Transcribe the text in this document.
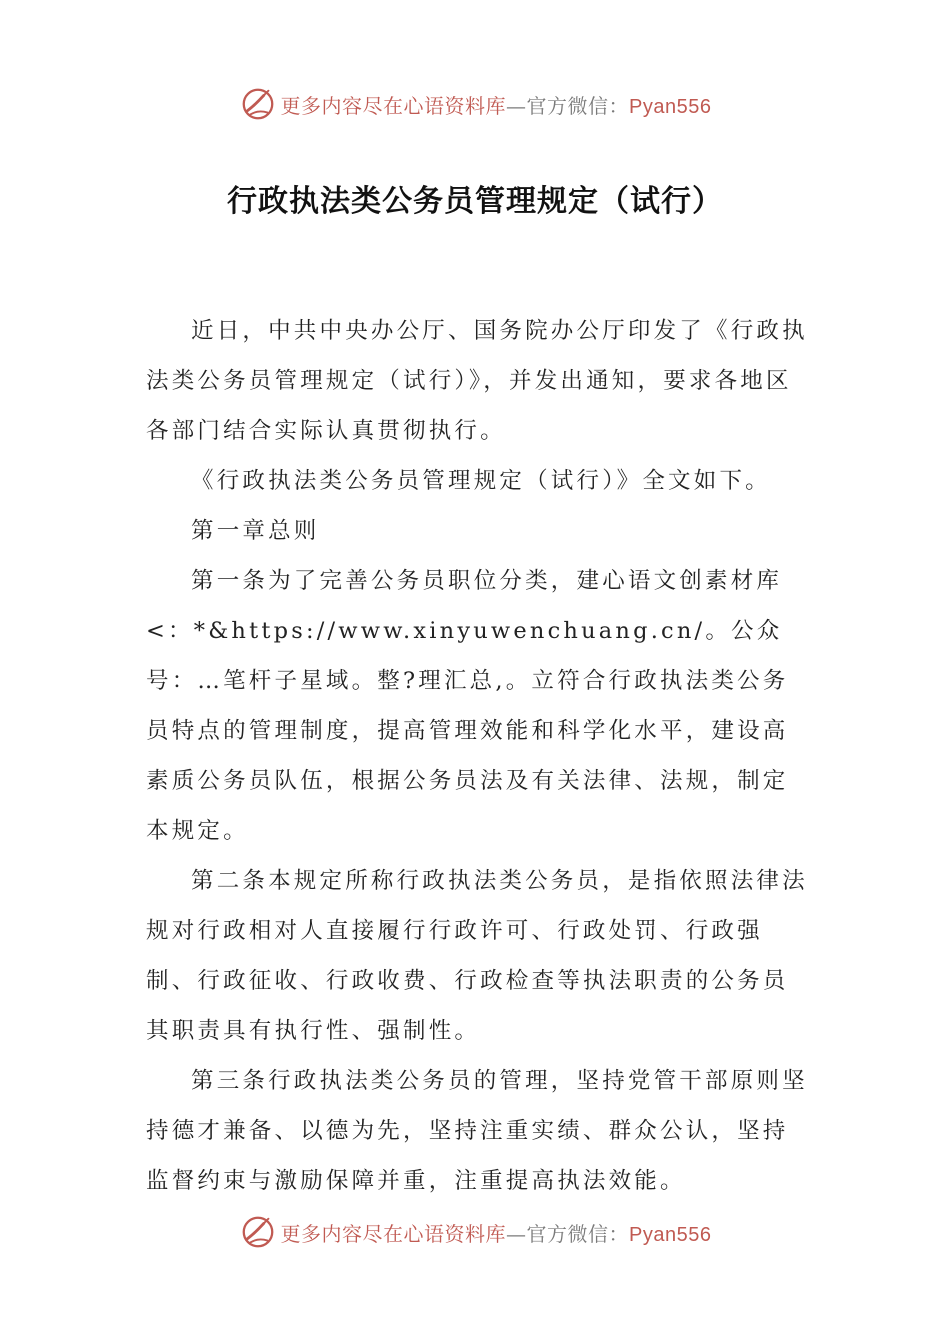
更多内容尽在心语资料库—官方微信：Pyan556
行政执法类公务员管理规定（试行）

近日，中共中央办公厅、国务院办公厅印发了《行政执法类公务员管理规定（试行）》，并发出通知，要求各地区各部门结合实际认真贯彻执行。

《行政执法类公务员管理规定（试行）》全文如下。

第一章总则

第一条为了完善公务员职位分类，建心语文创素材库<：*&https://www.xinyuwenchuang.cn/。公众号：…笔杆子星域。整?理汇总,。立符合行政执法类公务员特点的管理制度，提高管理效能和科学化水平，建设高素质公务员队伍，根据公务员法及有关法律、法规，制定本规定。

第二条本规定所称行政执法类公务员，是指依照法律法规对行政相对人直接履行行政许可、行政处罚、行政强制、行政征收、行政收费、行政检查等执法职责的公务员其职责具有执行性、强制性。

第三条行政执法类公务员的管理，坚持党管干部原则坚持德才兼备、以德为先，坚持注重实绩、群众公认，坚持监督约束与激励保障并重，注重提高执法效能。

更多内容尽在心语资料库—官方微信：Pyan556
